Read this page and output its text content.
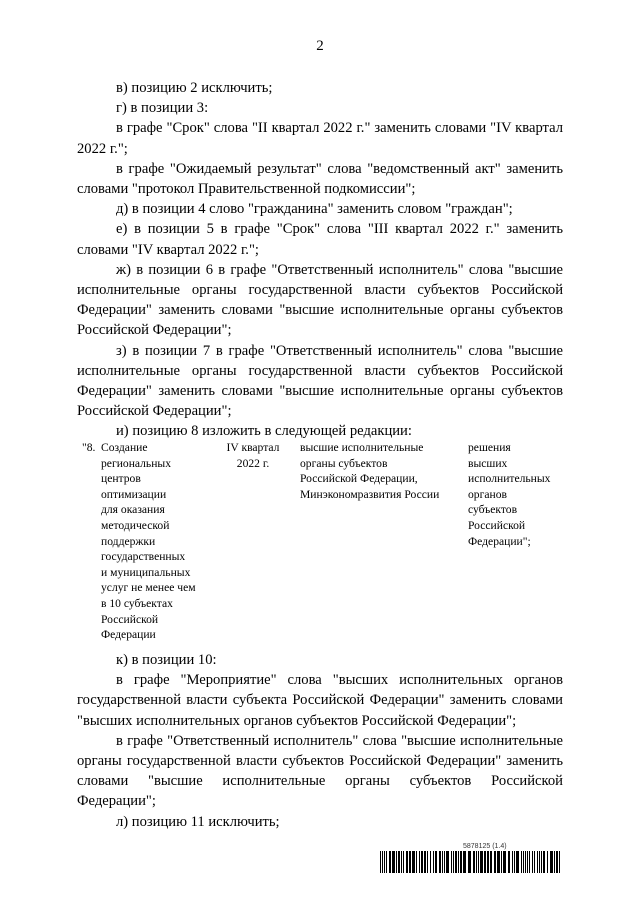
2

в) позицию 2 исключить;

г) в позиции 3:

в графе "Срок" слова "II квартал 2022 г." заменить словами "IV квартал 2022 г.";

в графе "Ожидаемый результат" слова "ведомственный акт" заменить словами "протокол Правительственной подкомиссии";

д) в позиции 4 слово "гражданина" заменить словом "граждан";

е) в позиции 5 в графе "Срок" слова "III квартал 2022 г." заменить словами "IV квартал 2022 г.";

ж) в позиции 6 в графе "Ответственный исполнитель" слова "высшие исполнительные органы государственной власти субъектов Российской Федерации" заменить словами "высшие исполнительные органы субъектов Российской Федерации";

з) в позиции 7 в графе "Ответственный исполнитель" слова "высшие исполнительные органы государственной власти субъектов Российской Федерации" заменить словами "высшие исполнительные органы субъектов Российской Федерации";

и) позицию 8 изложить в следующей редакции:

"8. Создание
региональных
центров
оптимизации
для оказания
методической
поддержки
государственных
и муниципальных
услуг не менее чем
в 10 субъектах
Российской
Федерации
IV квартал
2022 г.
высшие исполнительные
органы субъектов
Российской Федерации,
Минэкономразвития России
решения
высших
исполнительных
органов
субъектов
Российской
Федерации";

к) в позиции 10:

в графе "Мероприятие" слова "высших исполнительных органов государственной власти субъекта Российской Федерации" заменить словами "высших исполнительных органов субъектов Российской Федерации";

в графе "Ответственный исполнитель" слова "высшие исполнительные органы государственной власти субъектов Российской Федерации" заменить словами "высшие исполнительные органы субъектов Российской Федерации";

л) позицию 11 исключить;

5878125 (1.4)
